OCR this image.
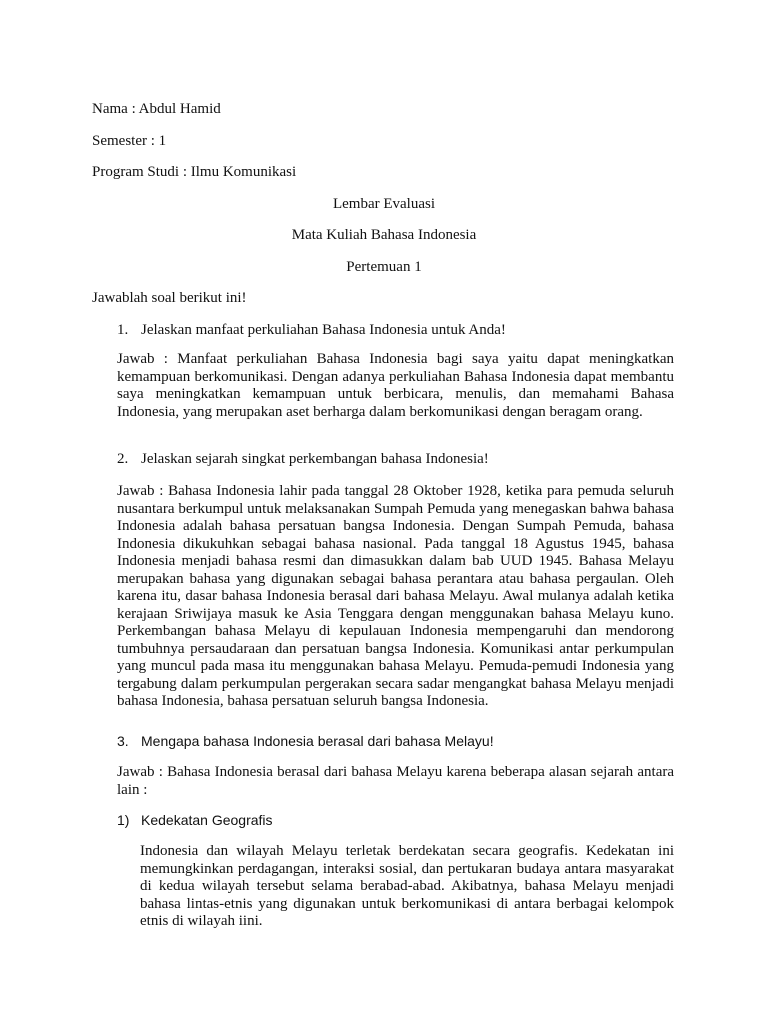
Nama : Abdul Hamid
Semester : 1
Program Studi : Ilmu Komunikasi
Lembar Evaluasi
Mata Kuliah Bahasa Indonesia
Pertemuan 1
Jawablah soal berikut ini!
1. Jelaskan manfaat perkuliahan Bahasa Indonesia untuk Anda!

Jawab : Manfaat perkuliahan Bahasa Indonesia bagi saya yaitu dapat meningkatkan kemampuan berkomunikasi. Dengan adanya perkuliahan Bahasa Indonesia dapat membantu saya meningkatkan kemampuan untuk berbicara, menulis, dan memahami Bahasa Indonesia, yang merupakan aset berharga dalam berkomunikasi dengan beragam orang.

2. Jelaskan sejarah singkat perkembangan bahasa Indonesia!

Jawab : Bahasa Indonesia lahir pada tanggal 28 Oktober 1928, ketika para pemuda seluruh nusantara berkumpul untuk melaksanakan Sumpah Pemuda yang menegaskan bahwa bahasa Indonesia adalah bahasa persatuan bangsa Indonesia. Dengan Sumpah Pemuda, bahasa Indonesia dikukuhkan sebagai bahasa nasional. Pada tanggal 18 Agustus 1945, bahasa Indonesia menjadi bahasa resmi dan dimasukkan dalam bab UUD 1945. Bahasa Melayu merupakan bahasa yang digunakan sebagai bahasa perantara atau bahasa pergaulan. Oleh karena itu, dasar bahasa Indonesia berasal dari bahasa Melayu. Awal mulanya adalah ketika kerajaan Sriwijaya masuk ke Asia Tenggara dengan menggunakan bahasa Melayu kuno. Perkembangan bahasa Melayu di kepulauan Indonesia mempengaruhi dan mendorong tumbuhnya persaudaraan dan persatuan bangsa Indonesia. Komunikasi antar perkumpulan yang muncul pada masa itu menggunakan bahasa Melayu. Pemuda-pemudi Indonesia yang tergabung dalam perkumpulan pergerakan secara sadar mengangkat bahasa Melayu menjadi bahasa Indonesia, bahasa persatuan seluruh bangsa Indonesia.

3. Mengapa bahasa Indonesia berasal dari bahasa Melayu!

Jawab : Bahasa Indonesia berasal dari bahasa Melayu karena beberapa alasan sejarah antara lain :

1) Kedekatan Geografis

Indonesia dan wilayah Melayu terletak berdekatan secara geografis. Kedekatan ini memungkinkan perdagangan, interaksi sosial, dan pertukaran budaya antara masyarakat di kedua wilayah tersebut selama berabad-abad. Akibatnya, bahasa Melayu menjadi bahasa lintas-etnis yang digunakan untuk berkomunikasi di antara berbagai kelompok etnis di wilayah iini.
